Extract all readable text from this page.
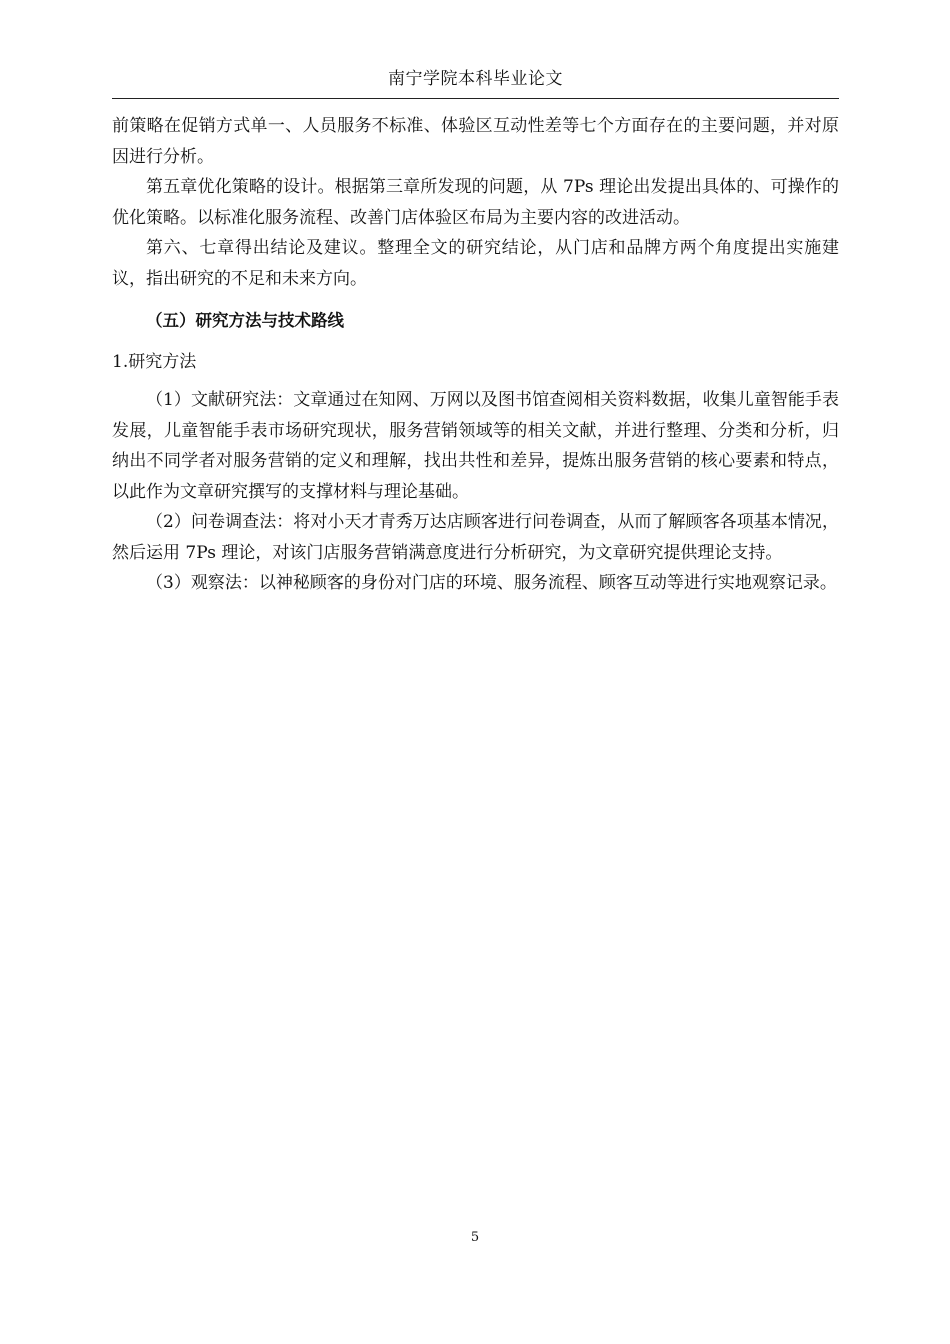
南宁学院本科毕业论文

前策略在促销方式单一、人员服务不标准、体验区互动性差等七个方面存在的主要问题，并对原因进行分析。

第五章优化策略的设计。根据第三章所发现的问题，从 7Ps 理论出发提出具体的、可操作的优化策略。以标准化服务流程、改善门店体验区布局为主要内容的改进活动。

第六、七章得出结论及建议。整理全文的研究结论，从门店和品牌方两个角度提出实施建议，指出研究的不足和未来方向。

（五）研究方法与技术路线
1.研究方法

（1）文献研究法：文章通过在知网、万网以及图书馆查阅相关资料数据，收集儿童智能手表发展，儿童智能手表市场研究现状，服务营销领域等的相关文献，并进行整理、分类和分析，归纳出不同学者对服务营销的定义和理解，找出共性和差异，提炼出服务营销的核心要素和特点，以此作为文章研究撰写的支撑材料与理论基础。

（2）问卷调查法：将对小天才青秀万达店顾客进行问卷调查，从而了解顾客各项基本情况，然后运用 7Ps 理论，对该门店服务营销满意度进行分析研究，为文章研究提供理论支持。

（3）观察法：以神秘顾客的身份对门店的环境、服务流程、顾客互动等进行实地观察记录。

5
